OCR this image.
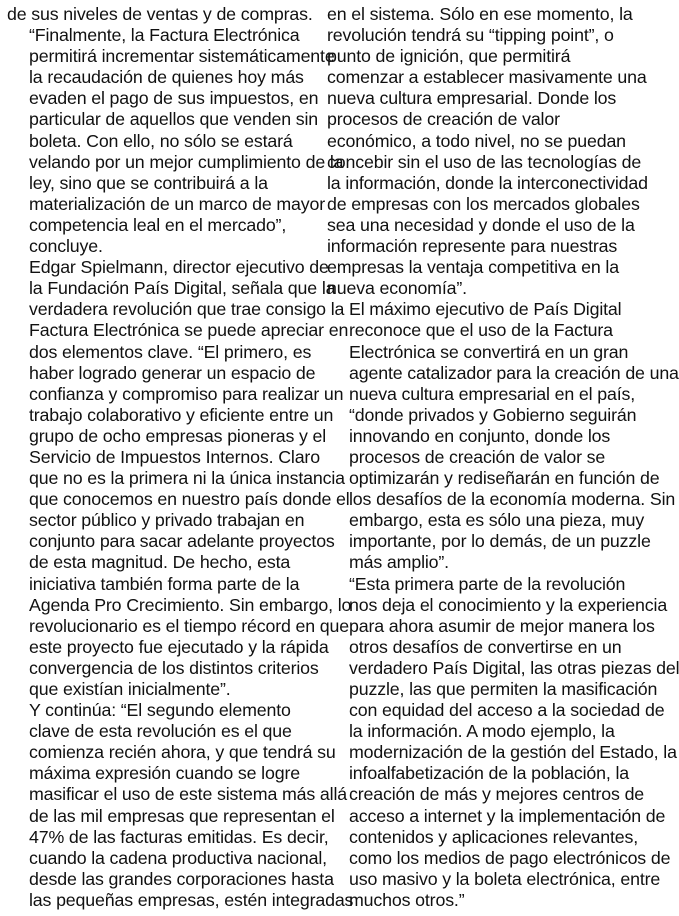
de sus niveles de ventas y de compras.

“Finalmente, la Factura Electrónica
permitirá incrementar sistemáticamente
la recaudación de quienes hoy más
evaden el pago de sus impuestos, en
particular de aquellos que venden sin
boleta. Con ello, no sólo se estará
velando por un mejor cumplimiento de la
ley, sino que se contribuirá a la
materialización de un marco de mayor
competencia leal en el mercado”,
concluye.

Edgar Spielmann, director ejecutivo de
la Fundación País Digital, señala que la
verdadera revolución que trae consigo la
Factura Electrónica se puede apreciar en
dos elementos clave. “El primero, es
haber logrado generar un espacio de
confianza y compromiso para realizar un
trabajo colaborativo y eficiente entre un
grupo de ocho empresas pioneras y el
Servicio de Impuestos Internos. Claro
que no es la primera ni la única instancia
que conocemos en nuestro país donde el
sector público y privado trabajan en
conjunto para sacar adelante proyectos
de esta magnitud. De hecho, esta
iniciativa también forma parte de la
Agenda Pro Crecimiento. Sin embargo, lo
revolucionario es el tiempo récord en que
este proyecto fue ejecutado y la rápida
convergencia de los distintos criterios
que existían inicialmente”.

Y continúa: “El segundo elemento
clave de esta revolución es el que
comienza recién ahora, y que tendrá su
máxima expresión cuando se logre
masificar el uso de este sistema más allá
de las mil empresas que representan el
47% de las facturas emitidas. Es decir,
cuando la cadena productiva nacional,
desde las grandes corporaciones hasta
las pequeñas empresas, estén integradas

en el sistema. Sólo en ese momento, la
revolución tendrá su “tipping point”, o
punto de ignición, que permitirá
comenzar a establecer masivamente una
nueva cultura empresarial. Donde los
procesos de creación de valor
económico, a todo nivel, no se puedan
concebir sin el uso de las tecnologías de
la información, donde la interconectividad
de empresas con los mercados globales
sea una necesidad y donde el uso de la
información represente para nuestras
empresas la ventaja competitiva en la
nueva economía”.

El máximo ejecutivo de País Digital
reconoce que el uso de la Factura
Electrónica se convertirá en un gran
agente catalizador para la creación de una
nueva cultura empresarial en el país,
“donde privados y Gobierno seguirán
innovando en conjunto, donde los
procesos de creación de valor se
optimizarán y rediseñarán en función de
los desafíos de la economía moderna. Sin
embargo, esta es sólo una pieza, muy
importante, por lo demás, de un puzzle
más amplio”.

“Esta primera parte de la revolución
nos deja el conocimiento y la experiencia
para ahora asumir de mejor manera los
otros desafíos de convertirse en un
verdadero País Digital, las otras piezas del
puzzle, las que permiten la masificación
con equidad del acceso a la sociedad de
la información. A modo ejemplo, la
modernización de la gestión del Estado, la
infoalfabetización de la población, la
creación de más y mejores centros de
acceso a internet y la implementación de
contenidos y aplicaciones relevantes,
como los medios de pago electrónicos de
uso masivo y la boleta electrónica, entre
muchos otros.”
